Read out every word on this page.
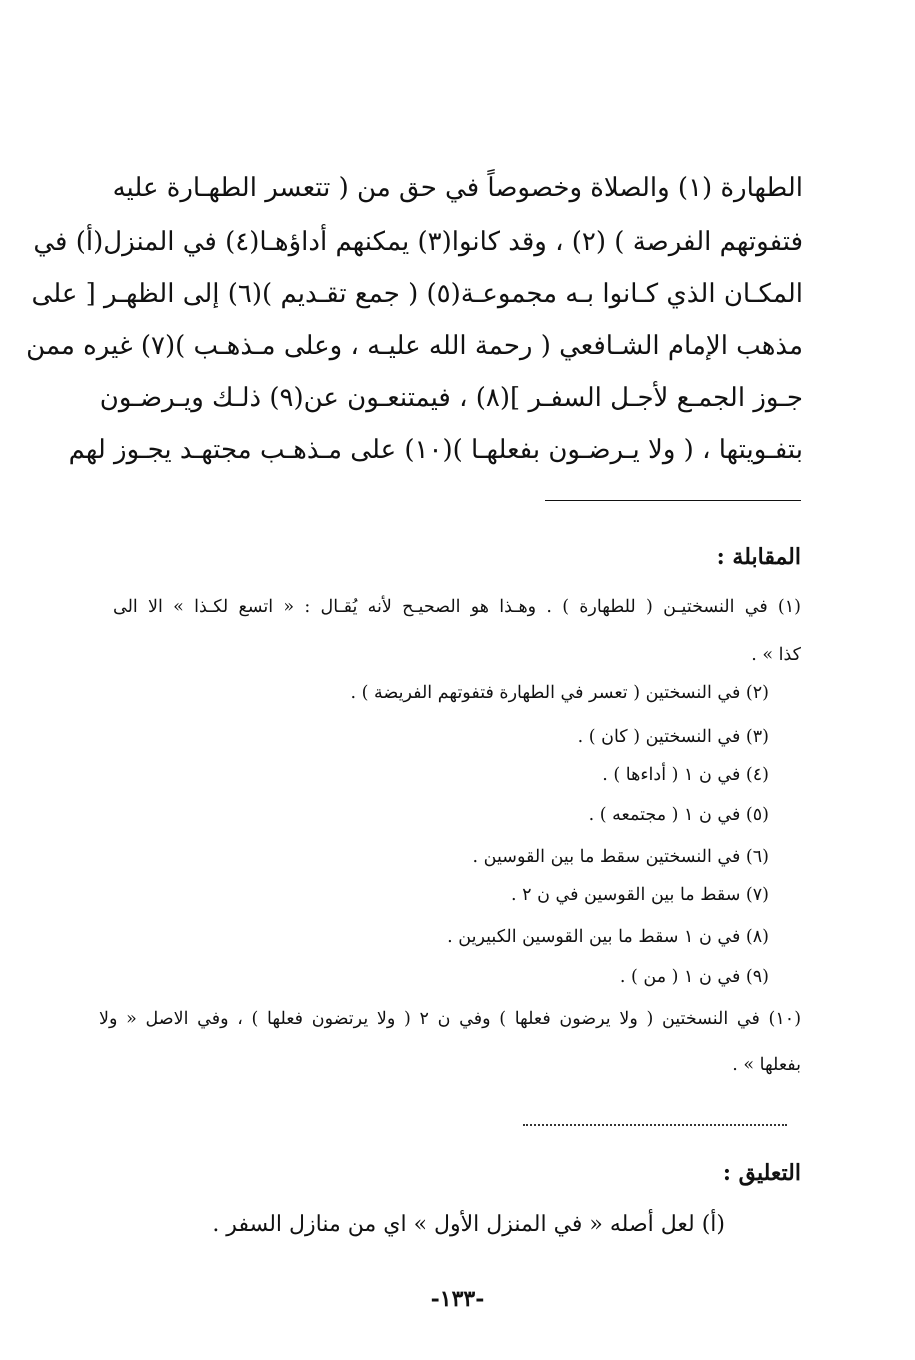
الطهارة (١) والصلاة وخصوصاً في حق من ( تتعسر الطهـارة عليه
فتفوتهم الفرصة ) (٢) ، وقد كانوا(٣) يمكنهم أداؤهـا(٤) في المنزل(أ) في
المكـان الذي كـانوا بـه مجموعـة(٥) ( جمع تقـديم )(٦) إلى الظهـر [ على
مذهب الإمام الشـافعي ( رحمة الله عليـه ، وعلى مـذهـب )(٧) غيره ممن
جـوز الجمـع لأجـل السفـر ](٨) ، فيمتنعـون عن(٩) ذلـك ويـرضـون
بتفـويتها ، ( ولا يـرضـون بفعلهـا )(١٠) على مـذهـب مجتهـد يجـوز لهم
المقابلة :
(١) في النسختيـن ( للطهارة ) . وهـذا هو الصحيـح لأنه يُقـال : « اتسع لكـذا » الا الى
كذا » .
(٢) في النسختين ( تعسر في الطهارة فتفوتهم الفريضة ) .
(٣) في النسختين ( كان ) .
(٤) في ن ١ ( أداءها ) .
(٥) في ن ١ ( مجتمعه ) .
(٦) في النسختين سقط ما بين القوسين .
(٧) سقط ما بين القوسين في ن ٢ .
(٨) في ن ١ سقط ما بين القوسين الكبيرين .
(٩) في ن ١ ( من ) .
(١٠) في النسختين ( ولا يرضون فعلها ) وفي ن ٢ ( ولا يرتضون فعلها ) ، وفي الاصل « ولا
بفعلها » .
التعليق :
(أ) لعل أصله « في المنزل الأول » اي من منازل السفر .
-١٣٣-
